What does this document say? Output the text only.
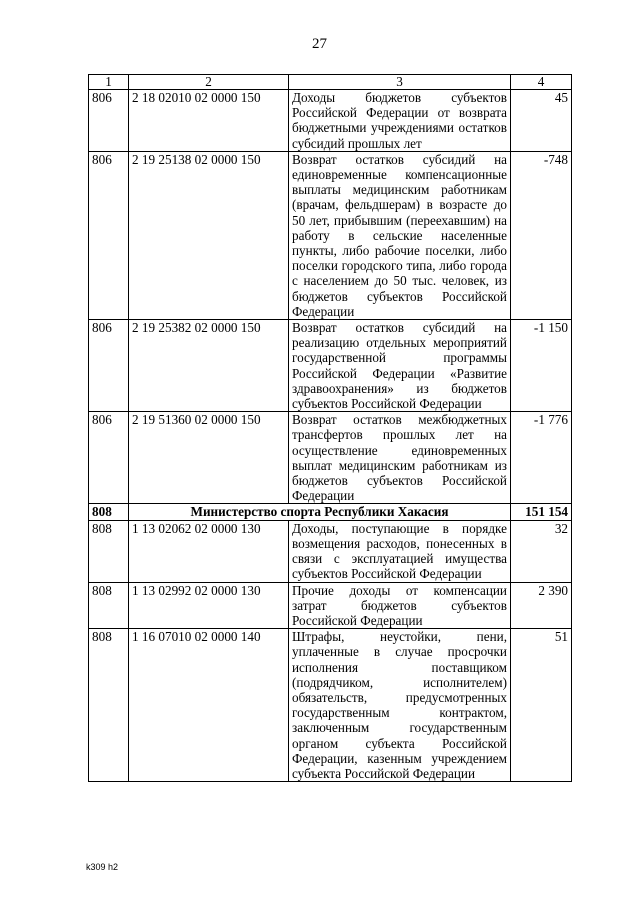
27
1	2	3	4
806	2 18 02010 02 0000 150	Доходы бюджетов субъектов Российской Федерации от возврата бюджетными учреждениями остатков субсидий прошлых лет	45
806	2 19 25138 02 0000 150	Возврат остатков субсидий на единовременные компенсационные выплаты медицинским работникам (врачам, фельдшерам) в возрасте до 50 лет, прибывшим (переехавшим) на работу в сельские населенные пункты, либо рабочие поселки, либо поселки городского типа, либо города с населением до 50 тыс. человек, из бюджетов субъектов Российской Федерации	-748
806	2 19 25382 02 0000 150	Возврат остатков субсидий на реализацию отдельных мероприятий государственной программы Российской Федерации «Развитие здравоохранения» из бюджетов субъектов Российской Федерации	-1 150
806	2 19 51360 02 0000 150	Возврат остатков межбюджетных трансфертов прошлых лет на осуществление единовременных выплат медицинским работникам из бюджетов субъектов Российской Федерации	-1 776
808	Министерство спорта Республики Хакасия		151 154
808	1 13 02062 02 0000 130	Доходы, поступающие в порядке возмещения расходов, понесенных в связи с эксплуатацией имущества субъектов Российской Федерации	32
808	1 13 02992 02 0000 130	Прочие доходы от компенсации затрат бюджетов субъектов Российской Федерации	2 390
808	1 16 07010 02 0000 140	Штрафы, неустойки, пени, уплаченные в случае просрочки исполнения поставщиком (подрядчиком, исполнителем) обязательств, предусмотренных государственным контрактом, заключенным государственным органом субъекта Российской Федерации, казенным учреждением субъекта Российской Федерации	51
k309 h2
